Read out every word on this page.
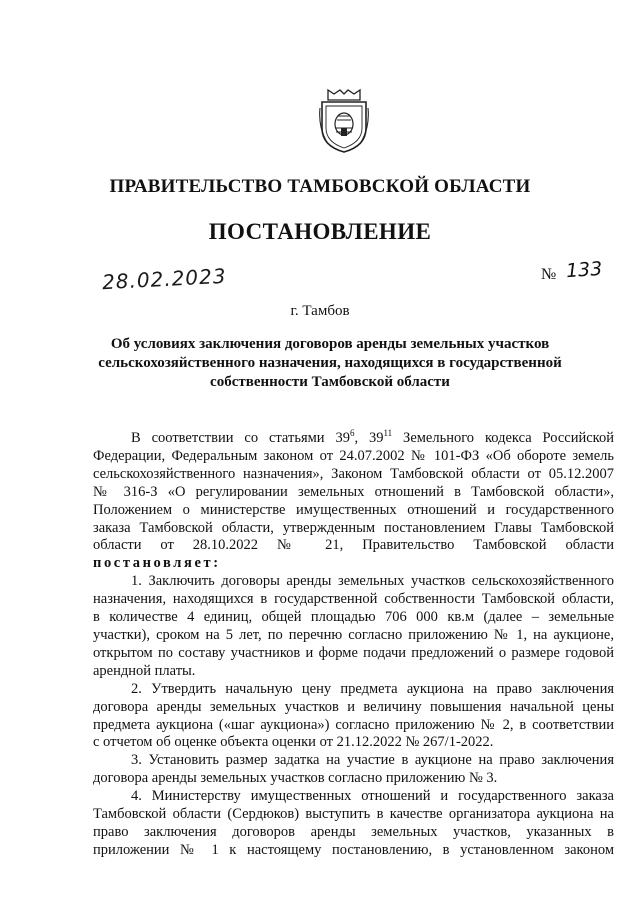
ПРАВИТЕЛЬСТВО ТАМБОВСКОЙ ОБЛАСТИ
ПОСТАНОВЛЕНИЕ
28.02.2023	№ 133
г. Тамбов
Об условиях заключения договоров аренды земельных участков
сельскохозяйственного назначения, находящихся в государственной
собственности Тамбовской области
В соответствии со статьями $39^6$, $39^{11}$ Земельного кодекса Российской
Федерации, Федеральным законом от 24.07.2002 № 101-ФЗ «Об обороте земель
сельскохозяйственного назначения», Законом Тамбовской области от 05.12.2007
№ 316-З «О регулировании земельных отношений в Тамбовской области»,
Положением о министерстве имущественных отношений и государственного
заказа Тамбовской области, утвержденным постановлением Главы Тамбовской
области от 28.10.2022 № 21, Правительство Тамбовской области
постановляет:
1. Заключить договоры аренды земельных участков сельскохозяйственного
назначения, находящихся в государственной собственности Тамбовской области,
в количестве 4 единиц, общей площадью 706 000 кв.м (далее – земельные
участки), сроком на 5 лет, по перечню согласно приложению № 1, на аукционе,
открытом по составу участников и форме подачи предложений о размере годовой
арендной платы.
2. Утвердить начальную цену предмета аукциона на право заключения
договора аренды земельных участков и величину повышения начальной цены
предмета аукциона («шаг аукциона») согласно приложению № 2, в соответствии
с отчетом об оценке объекта оценки от 21.12.2022 № 267/1-2022.
3. Установить размер задатка на участие в аукционе на право заключения
договора аренды земельных участков согласно приложению № 3.
4. Министерству имущественных отношений и государственного заказа
Тамбовской области (Сердюков) выступить в качестве организатора аукциона на
право заключения договоров аренды земельных участков, указанных в
приложении № 1 к настоящему постановлению, в установленном законом
